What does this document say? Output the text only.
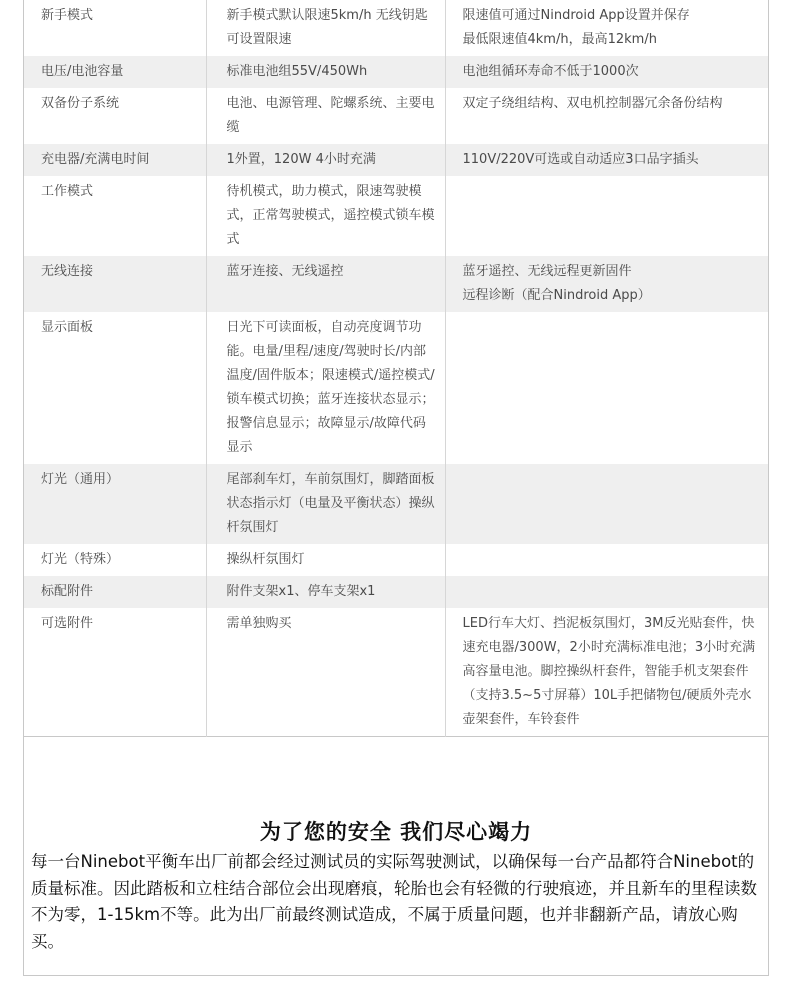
新手模式	新手模式默认限速5km/h 无线钥匙可设置限速	限速值可通过Nindroid App设置并保存
最低限速值4km/h，最高12km/h
电压/电池容量	标准电池组55V/450Wh	电池组循环寿命不低于1000次
双备份子系统	电池、电源管理、陀螺系统、主要电缆	双定子绕组结构、双电机控制器冗余备份结构
充电器/充满电时间	1外置，120W 4小时充满	110V/220V可选或自动适应3口品字插头
工作模式	待机模式，助力模式，限速驾驶模式，正常驾驶模式，遥控模式锁车模式	
无线连接	蓝牙连接、无线遥控	蓝牙遥控、无线远程更新固件
远程诊断（配合Nindroid App）
显示面板	日光下可读面板，自动亮度调节功能。电量/里程/速度/驾驶时长/内部温度/固件版本；限速模式/遥控模式/锁车模式切换；蓝牙连接状态显示；报警信息显示；故障显示/故障代码显示	
灯光（通用）	尾部刹车灯，车前氛围灯，脚踏面板状态指示灯（电量及平衡状态）操纵杆氛围灯	
灯光（特殊）	操纵杆氛围灯	
标配附件	附件支架x1、停车支架x1	
可选附件	需单独购买	LED行车大灯、挡泥板氛围灯，3M反光贴套件，快速充电器/300W，2小时充满标准电池；3小时充满高容量电池。脚控操纵杆套件，智能手机支架套件（支持3.5~5寸屏幕）10L手把储物包/硬质外壳水壶架套件，车铃套件
为了您的安全 我们尽心竭力

每一台Ninebot平衡车出厂前都会经过测试员的实际驾驶测试，以确保每一台产品都符合Ninebot的质量标准。因此踏板和立柱结合部位会出现磨痕，轮胎也会有轻微的行驶痕迹，并且新车的里程读数不为零，1-15km不等。此为出厂前最终测试造成，不属于质量问题，也并非翻新产品，请放心购买。
